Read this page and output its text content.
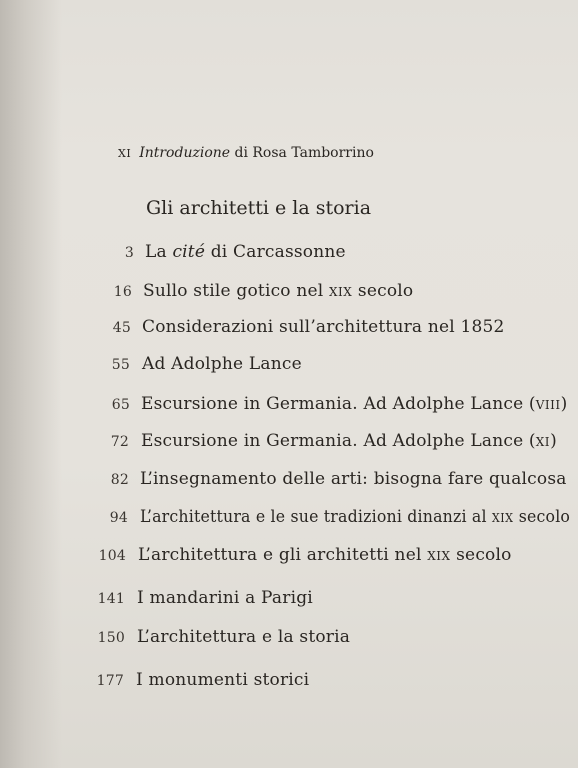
XI Introduzione di Rosa Tamborrino
Gli architetti e la storia
3 La cité di Carcassonne
16 Sullo stile gotico nel XIX secolo
45 Considerazioni sull’architettura nel 1852
55 Ad Adolphe Lance
65 Escursione in Germania. Ad Adolphe Lance (VIII)
72 Escursione in Germania. Ad Adolphe Lance (XI)
82 L’insegnamento delle arti: bisogna fare qualcosa
94 L’architettura e le sue tradizioni dinanzi al XIX secolo
104 L’architettura e gli architetti nel XIX secolo
141 I mandarini a Parigi
150 L’architettura e la storia
177 I monumenti storici
